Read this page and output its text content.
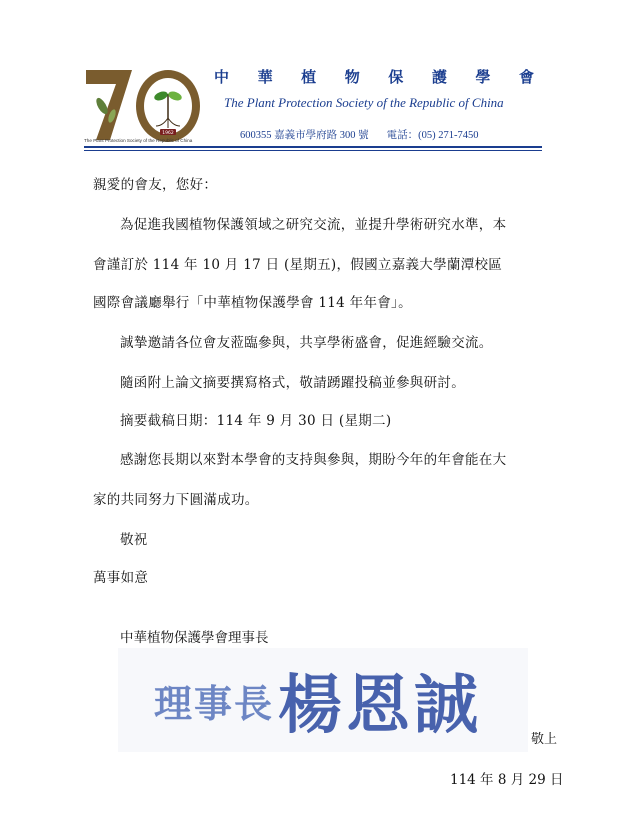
1962
The Plant Protection Society of the Republic of China
中 華 植 物 保 護 學 會
The Plant Protection Society of the Republic of China
600355 嘉義市學府路 300 號 電話：(05) 271-7450
親愛的會友，您好：
為促進我國植物保護領域之研究交流，並提升學術研究水準，本
會謹訂於 114 年 10 月 17 日 (星期五)，假國立嘉義大學蘭潭校區
國際會議廳舉行「中華植物保護學會 114 年年會」。
誠摯邀請各位會友蒞臨參與，共享學術盛會，促進經驗交流。
隨函附上論文摘要撰寫格式，敬請踴躍投稿並參與研討。
摘要截稿日期：114 年 9 月 30 日 (星期二)
感謝您長期以來對本學會的支持與參與，期盼今年的年會能在大
家的共同努力下圓滿成功。
敬祝
萬事如意
中華植物保護學會理事長
理事長 楊恩誠	敬上
114 年 8 月 29 日
